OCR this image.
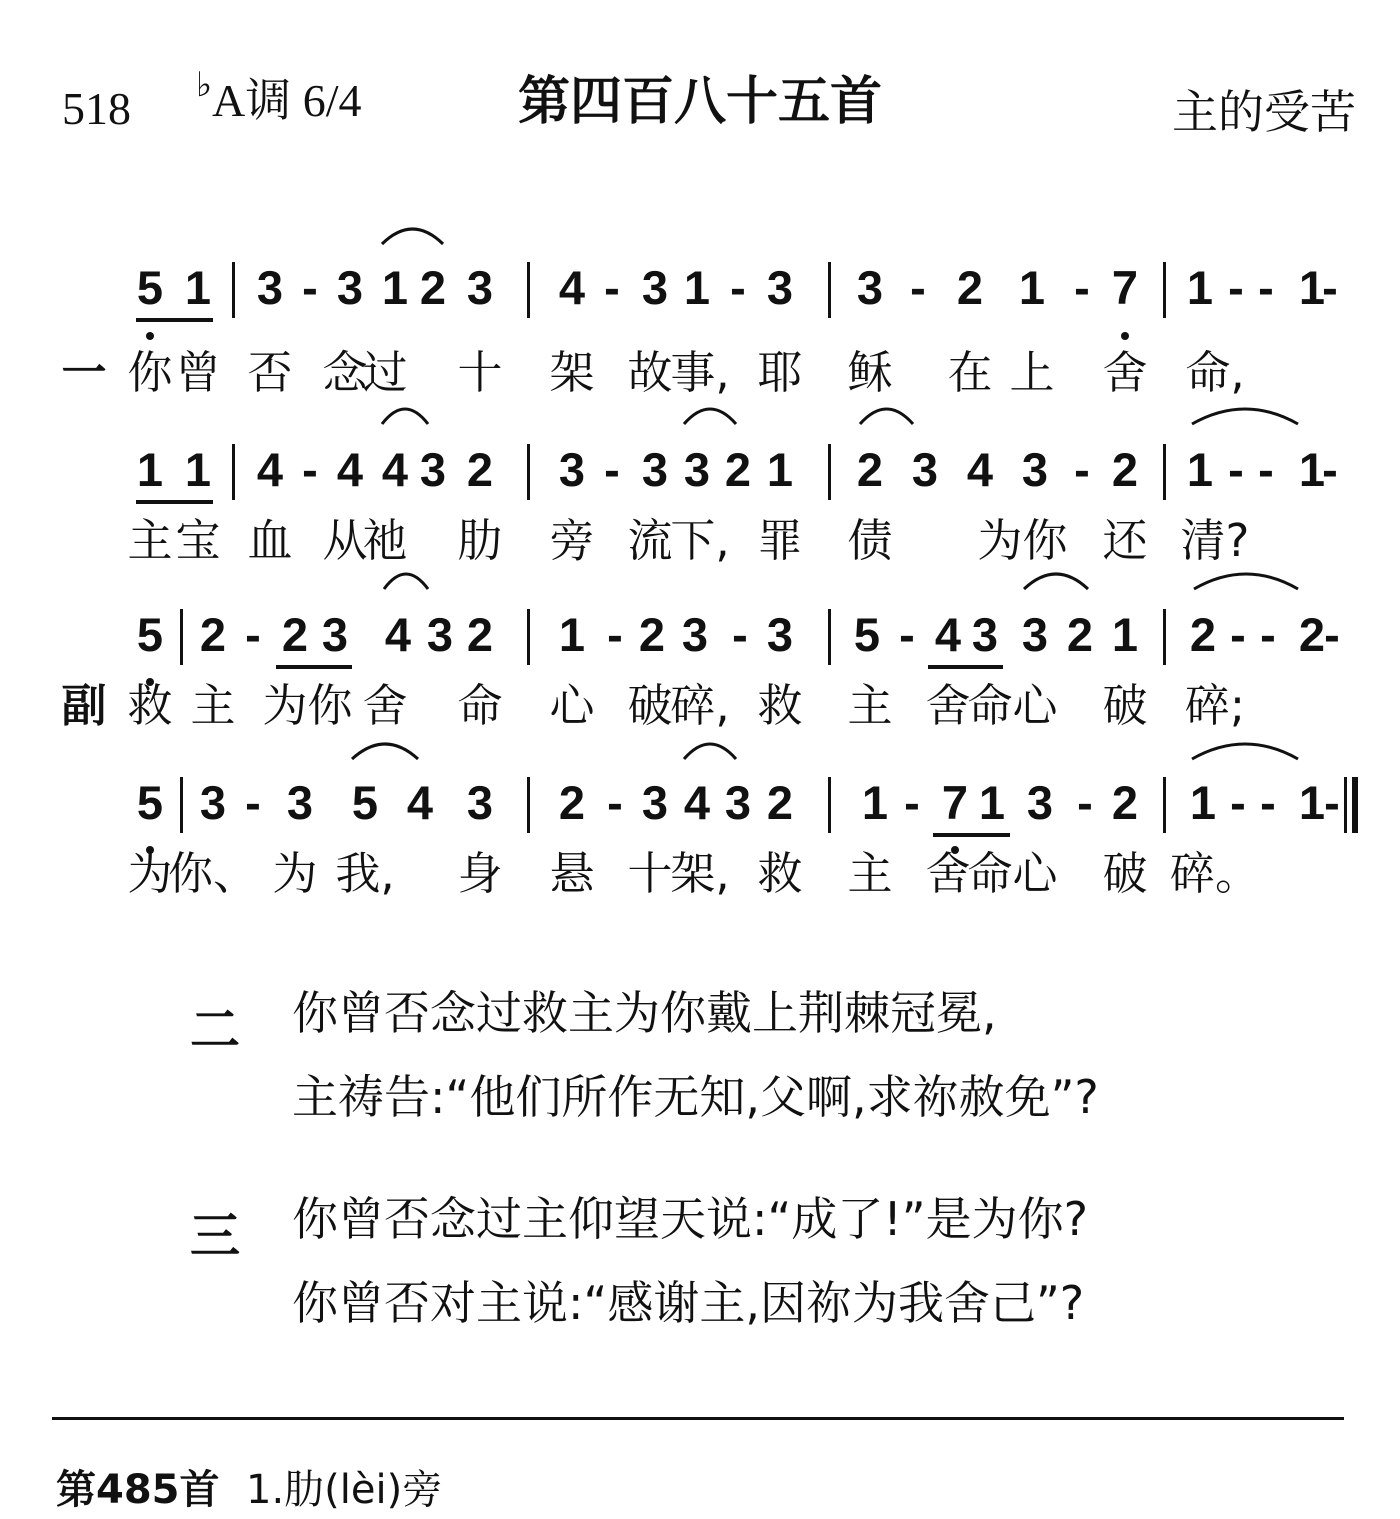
518 ♭A调 6/4	第四百八十五首	主的受苦
5 1 3 - 3 1 2 3 4 - 3 1 - 3 3 - 2 1 - 7 1 - - 1
-
一 你 曾 否 念
过 十 架 故
事, 耶 稣 在 上 舍 命,
1 1 4 - 4 4 3 2 3 - 3 3 2 1 2 3 4 3 - 2 1 - - 1
-
主 宝 血 从
祂 肋 旁 流
下, 罪 债 为 你 还 清?
5 2 - 2 3 4 3 2 1 - 2 3 - 3 5 - 4 3 3 2 1 2 - - 2 -
副 救 主 为 你 舍 命 心 破
碎, 救 主 舍
命 心 破 碎;
5 3 - 3 5 4 3 2 - 3 4 3 2 1 - 7 1 3 - 2 1 - - 1 -
为
你、 为 我, 身 悬 十
架, 救 主 舍
命 心 破 碎。
二 你曾否念过救主为你戴上荆棘冠冕,
主祷告:“他们所作无知,父啊,求祢赦免”?
三 你曾否念过主仰望天说:“成了!”是为你?
你曾否对主说:“感谢主,因祢为我舍己”?
第485首 1.肋(lèi)旁
